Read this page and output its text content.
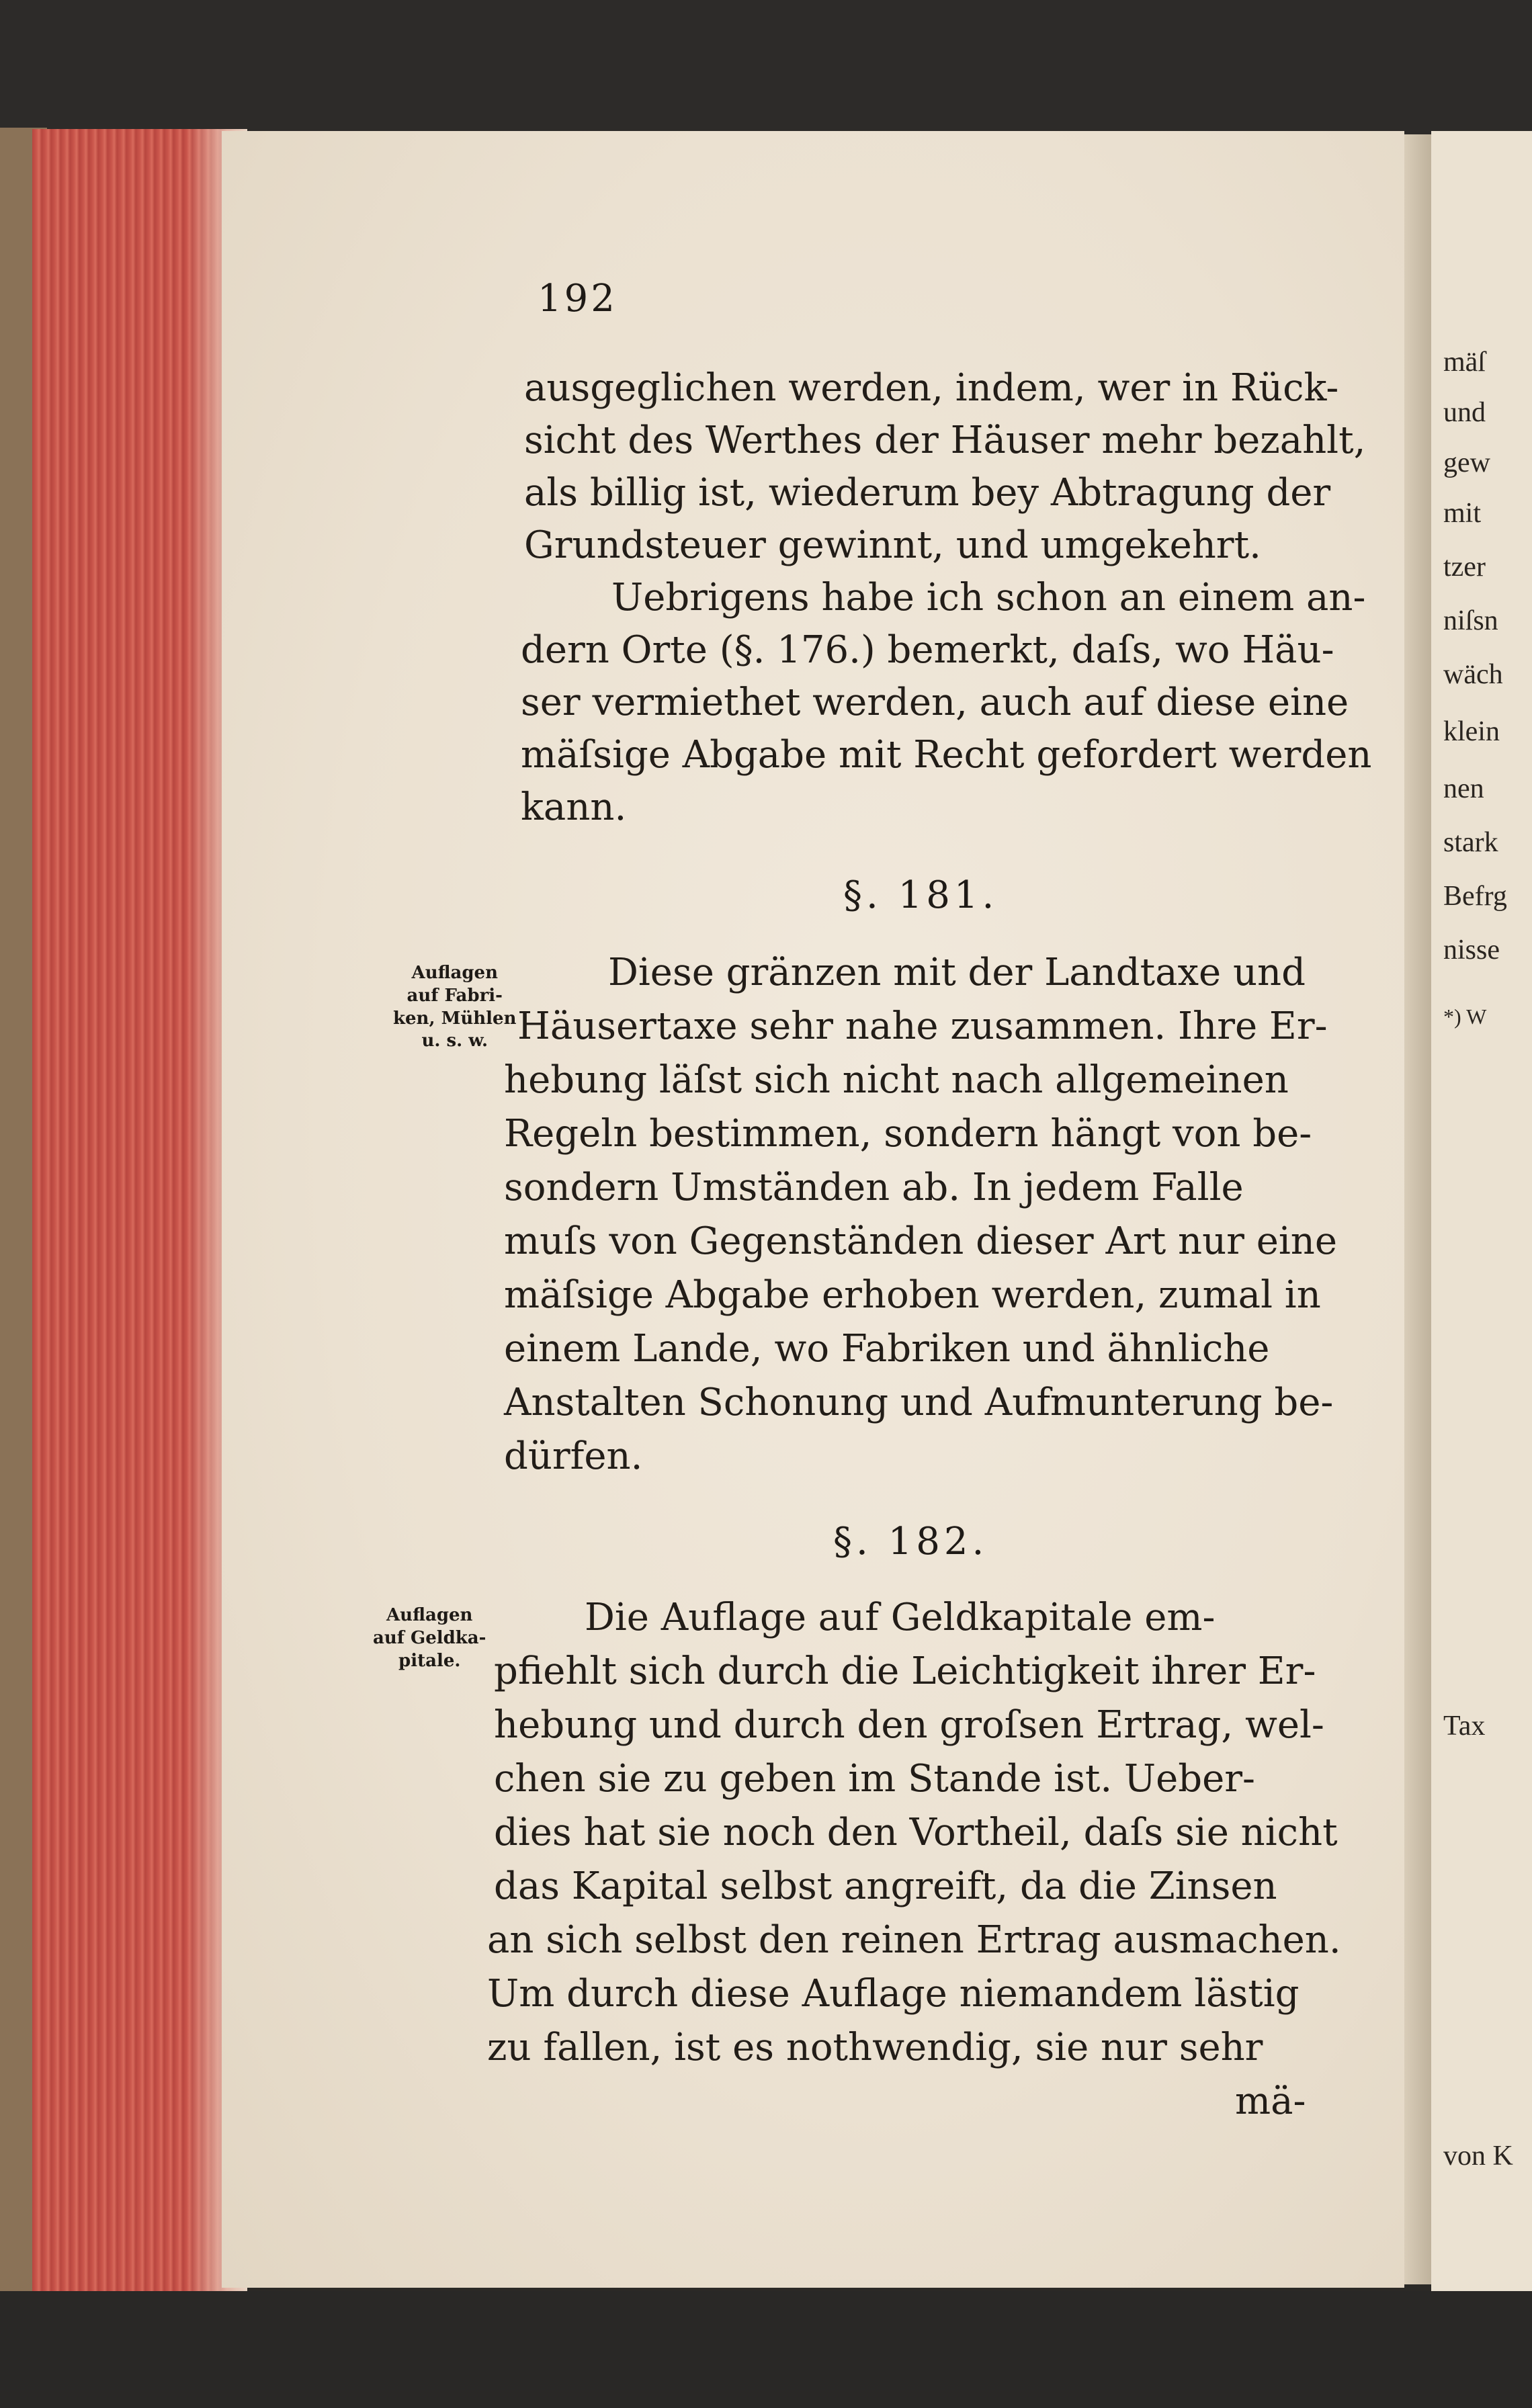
mäſ
und
gew
mit
tzer
niſsn
wäch
klein
nen
stark
Befrg
nisse
*) W
Tax
von K
192
ausgeglichen werden, indem, wer in Rück-
sicht des Werthes der Häuser mehr bezahlt,
als billig ist, wiederum bey Abtragung der
Grundsteuer gewinnt, und umgekehrt.
Uebrigens habe ich schon an einem an-
dern Orte (§. 176.) bemerkt, daſs, wo Häu-
ser vermiethet werden, auch auf diese eine
mäſsige Abgabe mit Recht gefordert werden
kann.
§. 181.
Auflagen
auf Fabri-
ken, Mühlen
u. s. w.
Diese gränzen mit der Landtaxe und
Häusertaxe sehr nahe zusammen. Ihre Er-
hebung läſst sich nicht nach allgemeinen
Regeln bestimmen, sondern hängt von be-
sondern Umständen ab. In jedem Falle
muſs von Gegenständen dieser Art nur eine
mäſsige Abgabe erhoben werden, zumal in
einem Lande, wo Fabriken und ähnliche
Anstalten Schonung und Aufmunterung be-
dürfen.
§. 182.
Auflagen
auf Geldka-
pitale.
Die Auflage auf Geldkapitale em-
pfiehlt sich durch die Leichtigkeit ihrer Er-
hebung und durch den groſsen Ertrag, wel-
chen sie zu geben im Stande ist. Ueber-
dies hat sie noch den Vortheil, daſs sie nicht
das Kapital selbst angreift, da die Zinsen
an sich selbst den reinen Ertrag ausmachen.
Um durch diese Auflage niemandem lästig
zu fallen, ist es nothwendig, sie nur sehr
mä-
